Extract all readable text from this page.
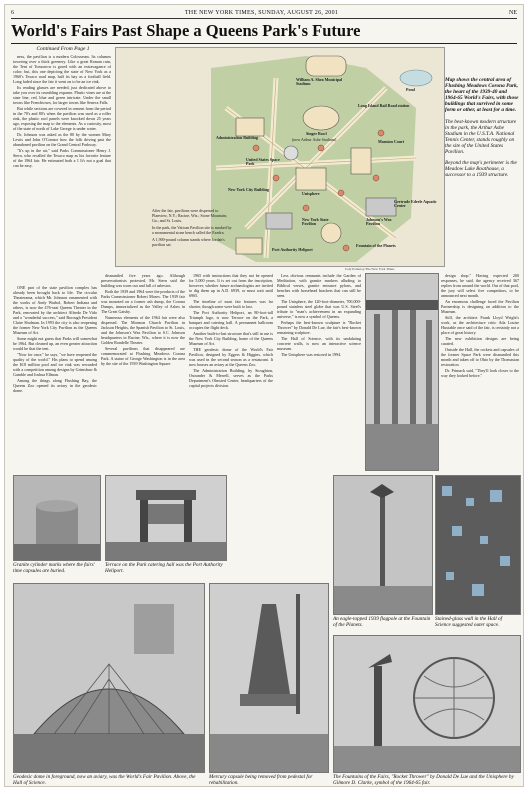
6	THE NEW YORK TIMES, SUNDAY, AUGUST 26, 2001	NE
World's Fairs Past Shape a Queens Park's Future
Continued From Page 1

ness, the pavilion is a modern Colosseum. Its columns towering over a thick greenery. Like a great Roman ruin, the Tent of Tomorrow is gored with an extravagance of color; but, this one depicting the state of New York as a 1960's Texaco road map, half its bay as a football field. Long faded since the fair it went on to be an ice rink.

Its reading glasses are needed, just dedicated above to take you over its crumbling expanse. Plastic vines are at the state line, red, blue and green intricate. Under the small towns like Frenchtown, for larger towns like Seneca Falls.

But while sections are covered in cement from the period in the 70's and 80's when the pavilion was used as a roller rink, the plastic roof panels were knocked down 25 years ago, exposing the map to the elements. As a curiosity, most of the state of north of Lake George is under water.

Dr. Johnson was asked as the 80 by the women Mary Lewis and John O'Connor how the folk driving past the abandoned pavilion on the Grand Central Parkway.

"It's up in the air," said Parks Commissioner Henry J. Stern, who recalled the Texaco map as his favorite feature of the 1964 fair. He estimated both a 1 It's not a goal that can be easy.

William A. Shea Municipal Stadium
Pond
Long Island Rail Road station
Administration Building
Singer Bowl
(now Arthur Ashe Stadium)	Mansion Court
New York City Building
Unisphere
New York State Pavilion
Johnson's Wax Pavilion
Port Authority Heliport
Fountain of the Planets
Gertrude Ederle Aquatic Center
United States Space Park
After the fair, pavilions were dispersed to Planview, N.Y.; Racine, Wis.; Stone Mountain, Ga.; and St. Louis.
In the park, the Vatican Pavilion site is marked by a monumental stone bench called the Exedra.
A 1,900-pound column stands where Jordan's pavilion sat.

Map shows the central area of Flushing Meadows Corona Park, the heart of the 1939-40 and 1964-65 World's Fairs, with those buildings that survived in some form or other, at least for a time.

The best-known modern structure in the park, the Arthur Ashe Stadium in the U.S.T.A. National Tennis Center, stands roughly on the site of the United States Pavilion.

Beyond the map's perimeter is the Meadow Lake Boathouse, a successor to a 1939 structure.

Jody Pomeroy/The New York Times

ONE part of the state pavilion complex has already been brought back to life. The circular Theaterama, which Mr. Johnson ornamented with the works of Andy Warhol, Robert Indiana and others, is now the 476-seat Queens Theater in the Park, renovated by the architect Alfredo De Vido and a "wonderful success," said Borough President Claire Shulman. In 1993 the city is also reopening the former New York City Pavilion as the Queens Museum of Art.

Some might not guess that Parks will somewhat be 1964. But cleaned up, an even greater attraction would be that the tent.

"Now for once," he says, "we have reopened the quality of the world." His plans to spend among the $18 million pool and ice rink was rewarded with a competition among designs by Grimshaw & Gamble and Joshua Ellman.

Among the things along Flushing Bay, the Queens Zoo opened its aviary in the geodesic dome.

dismantled five years ago. Although preservationists protested, Mr. Stern said the building was worn out and full of asbestos.

Both the 1939 and 1964 were the products of the Parks Commissioner Robert Moses. The 1939 fair was mounted on a former ash dump, the Corona Dumps, immortalized as the Valley of Ashes in The Great Gatsby.

Numerous elements of the 1964 fair were also dispersed. The Mormon Church Pavilion in Jackson Heights, the Spanish Pavilion to St. Louis, and the Johnson's Wax Pavilion to S.C. Johnson headquarters in Racine, Wis., where it is now the Golden Rondelle Theater.

Several pavilions that disappeared are commemorated at Flushing Meadows Corona Park. A statue of George Washington is in the area by the site of the 1939 Washington Square.

1965 with instructions that they not be opened for 5,000 years. It is set out from the inscription, however, whether future archaeologists are invited to dig them up in A.D. 6939, or must wait until 6965.

The timeline of most fair features was far shorter, though some were built to last.

The Port Authority Heliport, an 80-foot-tall Triumph logo, is now Terrace on the Park, a banquet and catering hall. A permanent ballroom occupies the flight deck.

Another built-to-last structure that's still in use is the New York City Building, home of the Queens Museum of Art.

THE geodesic dome of the World's Fair Pavilion, designed by Eggers & Higgins, which was used in the second season as a restaurant. It now houses an aviary at the Queens Zoo.

The Administration Building, by Stoughton, Ostrander & Merrell, serves as the Parks Department's Olmsted Center, headquarters of the capital projects division.

Less obvious remnants include the Garden of Meditation, with granite markers alluding to Biblical verses, granite entrance pylons, and benches with horsehead brackets that can still be seen.

The Unisphere, the 120-foot-diameter, 700,000-pound stainless steel globe that was U.S. Steel's tribute to "man's achievement in an expanding universe," is now a symbol of Queens.

Perhaps the best-known sculpture is "Rocket Thrower" by Donald De Lue, the fair's best-known remaining sculpture.

The Hall of Science, with its undulating concrete walls, is now an interactive science museum.

The Unisphere was restored in 1994.

design shop." Having expected 200 responses, he said, the agency received 367 replies from around the world. Out of that pool, the jury will select five competitors, to be announced next month.

An enormous challenge faced the Pavilion Partnership is designing an addition to the Museum.

Still, the architect Frank Lloyd Wright's work, as the architecture critic Ada Louise Huxtable once said of the fair, is certainly not a place of great history.

The new exhibition designs are being curated.

Outside the Hall, the rockets and capsules of the former Space Park were dismantled this month and taken off to Ohio by the Thomasian restoration.

Dr. Primack said, "They'll look closer to the way they looked before."

Granite cylinder marks where the fairs' time capsules are buried.
Terrace on the Park catering hall was the Port Authority Heliport.
An eagle-topped 1939 flagpole at the Fountain of the Planets.
Stained-glass wall in the Hall of Science suggested outer space.
Geodesic dome in foreground, now an aviary, was the World's Fair Pavilion. Above, the Hall of Science.
Mercury capsule being removed from pedestal for rehabilitation.
The Fountains of the Fairs, "Rocket Thrower" by Donald De Lue and the Unisphere by Gilmore D. Clarke, symbol of the 1964-65 fair.
